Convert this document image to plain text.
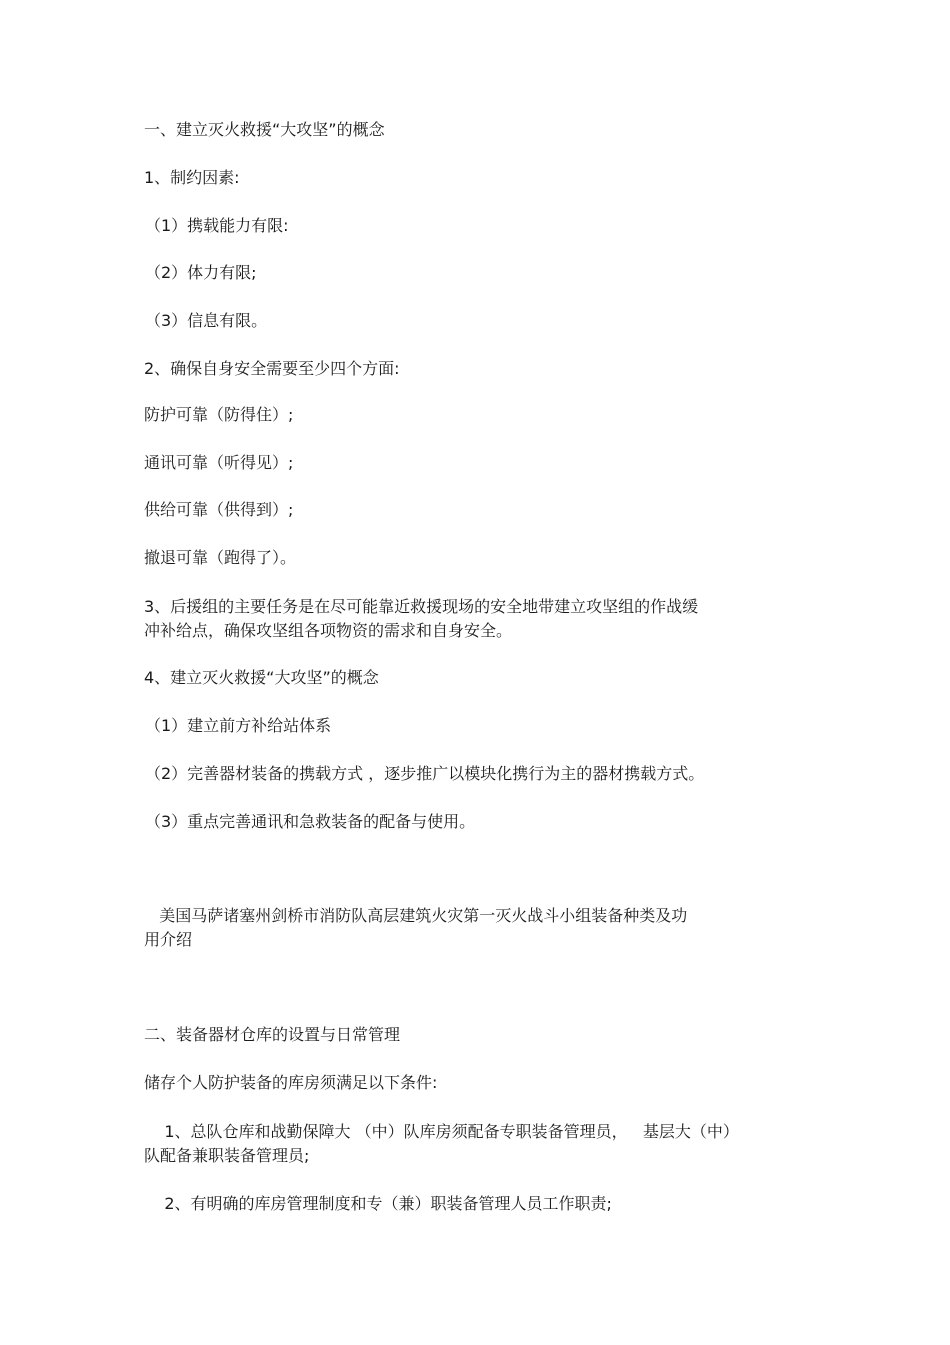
一、建立灭火救援“大攻坚”的概念
1、制约因素:
（1）携载能力有限:
（2）体力有限;
（3）信息有限。
2、确保自身安全需要至少四个方面:
防护可靠（防得住）;
通讯可靠（听得见）;
供给可靠（供得到）;
撤退可靠（跑得了）。
3、后援组的主要任务是在尽可能靠近救援现场的安全地带建立攻坚组的作战缓
冲补给点，确保攻坚组各项物资的需求和自身安全。
4、建立灭火救援“大攻坚”的概念
（1）建立前方补给站体系
（2）完善器材装备的携载方式 ，逐步推广以模块化携行为主的器材携载方式。
（3）重点完善通讯和急救装备的配备与使用。
美国马萨诸塞州剑桥市消防队高层建筑火灾第一灭火战斗小组装备种类及功
用介绍
二、装备器材仓库的设置与日常管理
储存个人防护装备的库房须满足以下条件:
1、总队仓库和战勤保障大 （中）队库房须配备专职装备管理员，   基层大（中）
队配备兼职装备管理员;
2、有明确的库房管理制度和专（兼）职装备管理人员工作职责;
